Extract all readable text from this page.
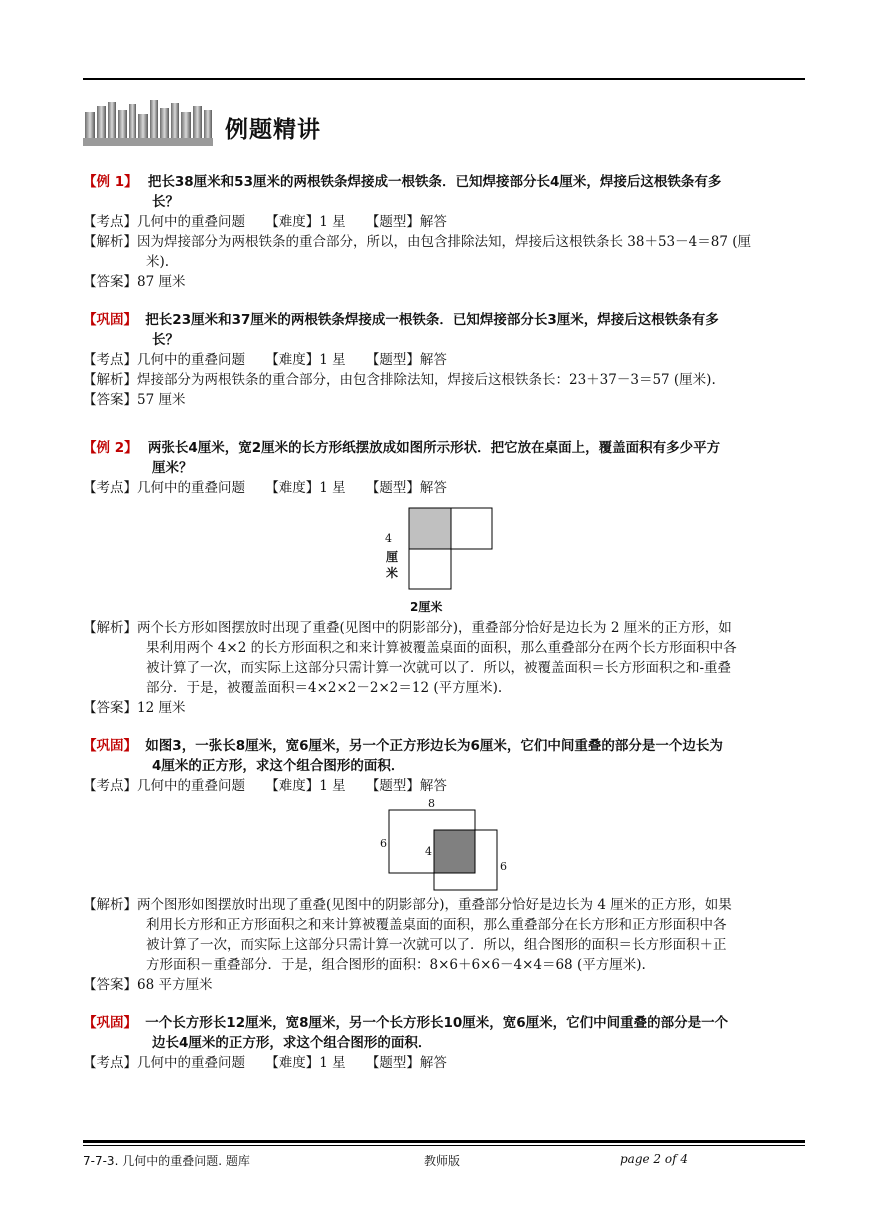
例题精讲
【例 1】 把长38厘米和53厘米的两根铁条焊接成一根铁条．已知焊接部分长4厘米，焊接后这根铁条有多
长？
【考点】几何中的重叠问题　　【难度】1 星　　【题型】解答
【解析】因为焊接部分为两根铁条的重合部分，所以，由包含排除法知，焊接后这根铁条长 38＋53－4＝87 (厘
米).
【答案】87 厘米
【巩固】 把长23厘米和37厘米的两根铁条焊接成一根铁条．已知焊接部分长3厘米，焊接后这根铁条有多
长？
【考点】几何中的重叠问题　　【难度】1 星　　【题型】解答
【解析】焊接部分为两根铁条的重合部分，由包含排除法知，焊接后这根铁条长：23＋37－3＝57 (厘米).
【答案】57 厘米
【例 2】 两张长4厘米，宽2厘米的长方形纸摆放成如图所示形状．把它放在桌面上，覆盖面积有多少平方
厘米？
【考点】几何中的重叠问题　　【难度】1 星　　【题型】解答
4
厘
米
2厘米
【解析】两个长方形如图摆放时出现了重叠(见图中的阴影部分)，重叠部分恰好是边长为 2 厘米的正方形，如
果利用两个 4×2 的长方形面积之和来计算被覆盖桌面的面积，那么重叠部分在两个长方形面积中各
被计算了一次，而实际上这部分只需计算一次就可以了．所以，被覆盖面积＝长方形面积之和-重叠
部分．于是，被覆盖面积＝4×2×2－2×2＝12 (平方厘米).
【答案】12 厘米
【巩固】 如图3，一张长8厘米，宽6厘米，另一个正方形边长为6厘米，它们中间重叠的部分是一个边长为
4厘米的正方形，求这个组合图形的面积．
【考点】几何中的重叠问题　　【难度】1 星　　【题型】解答
8
6
4
6
【解析】两个图形如图摆放时出现了重叠(见图中的阴影部分)，重叠部分恰好是边长为 4 厘米的正方形，如果
利用长方形和正方形面积之和来计算被覆盖桌面的面积，那么重叠部分在长方形和正方形面积中各
被计算了一次，而实际上这部分只需计算一次就可以了．所以，组合图形的面积＝长方形面积＋正
方形面积－重叠部分．于是，组合图形的面积：8×6＋6×6－4×4＝68 (平方厘米).
【答案】68 平方厘米
【巩固】 一个长方形长12厘米，宽8厘米，另一个长方形长10厘米，宽6厘米，它们中间重叠的部分是一个
边长4厘米的正方形，求这个组合图形的面积．
【考点】几何中的重叠问题　　【难度】1 星　　【题型】解答
7-7-3. 几何中的重叠问题. 题库	教师版	page 2 of 4
